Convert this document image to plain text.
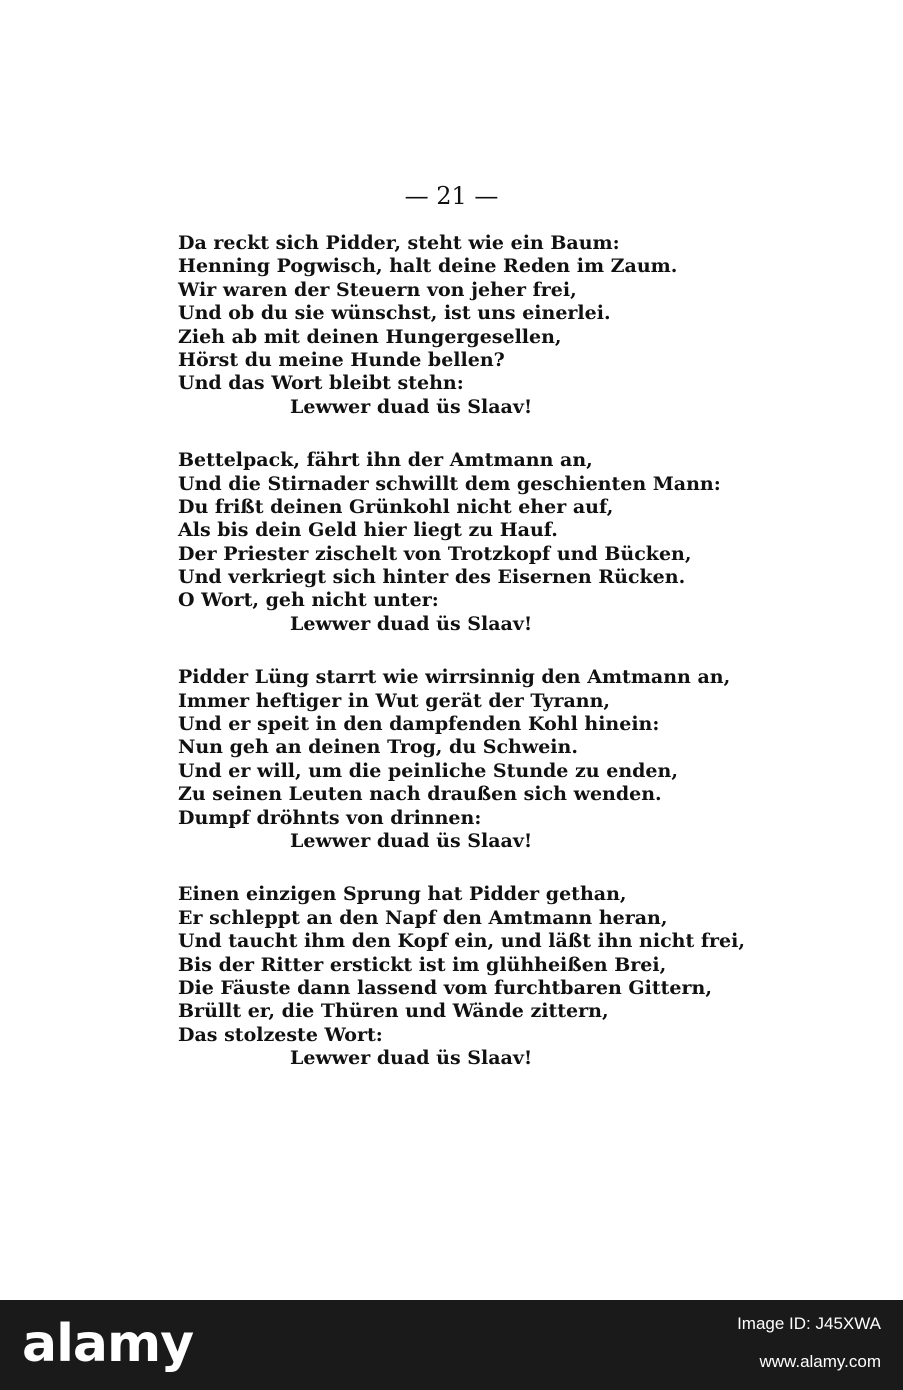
— 21 —
Da reckt sich Pidder, steht wie ein Baum:
Henning Pogwisch, halt deine Reden im Zaum.
Wir waren der Steuern von jeher frei,
Und ob du sie wünschst, ist uns einerlei.
Zieh ab mit deinen Hungergesellen,
Hörst du meine Hunde bellen?
Und das Wort bleibt stehn:
Lewwer duad üs Slaav!
Bettelpack, fährt ihn der Amtmann an,
Und die Stirnader schwillt dem geschienten Mann:
Du frißt deinen Grünkohl nicht eher auf,
Als bis dein Geld hier liegt zu Hauf.
Der Priester zischelt von Trotzkopf und Bücken,
Und verkriegt sich hinter des Eisernen Rücken.
O Wort, geh nicht unter:
Lewwer duad üs Slaav!
Pidder Lüng starrt wie wirrsinnig den Amtmann an,
Immer heftiger in Wut gerät der Tyrann,
Und er speit in den dampfenden Kohl hinein:
Nun geh an deinen Trog, du Schwein.
Und er will, um die peinliche Stunde zu enden,
Zu seinen Leuten nach draußen sich wenden.
Dumpf dröhnts von drinnen:
Lewwer duad üs Slaav!
Einen einzigen Sprung hat Pidder gethan,
Er schleppt an den Napf den Amtmann heran,
Und taucht ihm den Kopf ein, und läßt ihn nicht frei,
Bis der Ritter erstickt ist im glühheißen Brei,
Die Fäuste dann lassend vom furchtbaren Gittern,
Brüllt er, die Thüren und Wände zittern,
Das stolzeste Wort:
Lewwer duad üs Slaav!
alamy	Image ID: J45XWA
www.alamy.com
